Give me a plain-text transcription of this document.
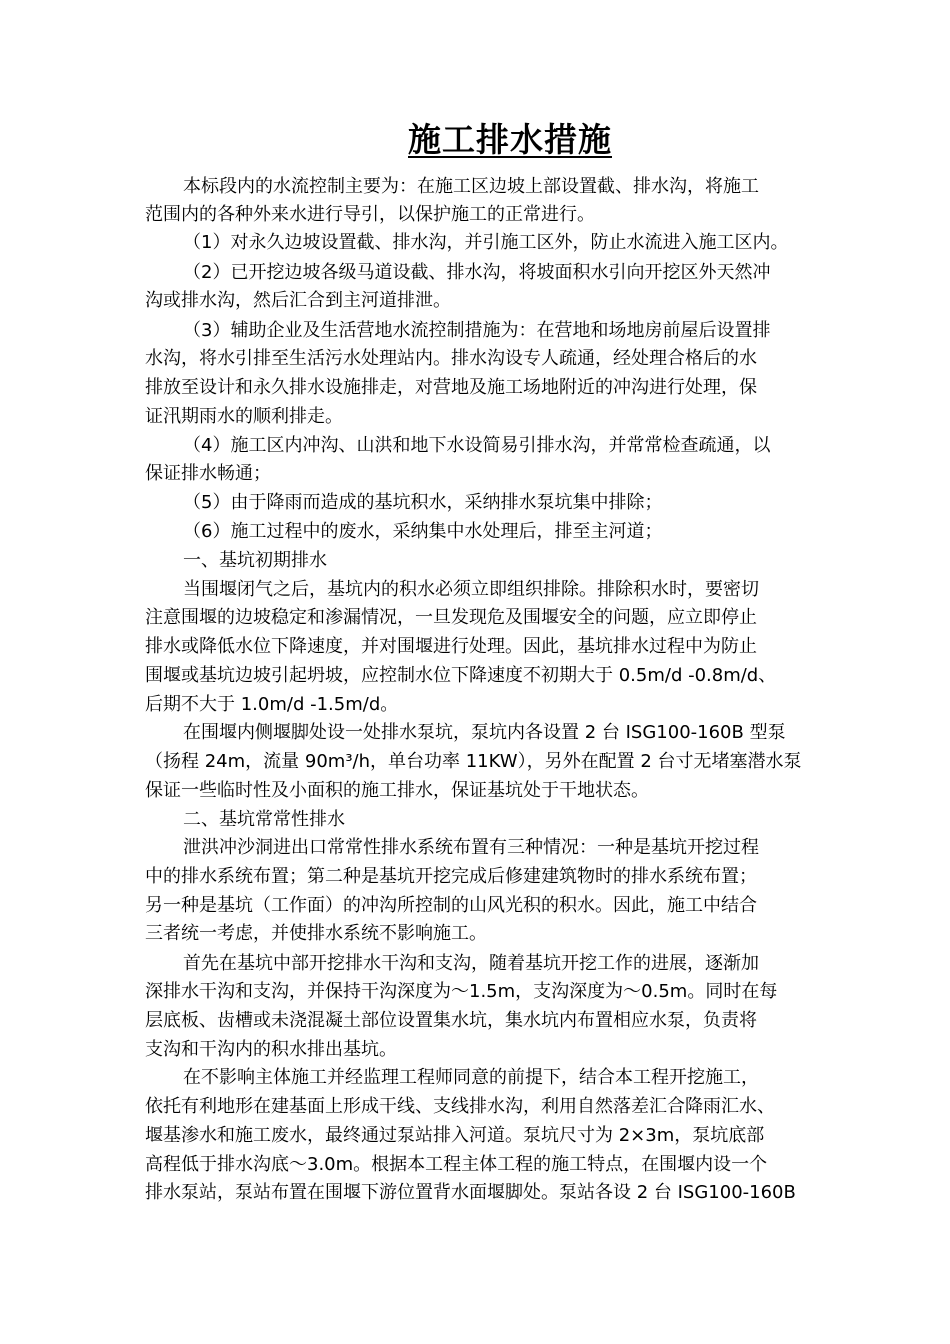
施工排水措施
本标段内的水流控制主要为：在施工区边坡上部设置截、排水沟，将施工
范围内的各种外来水进行导引，以保护施工的正常进行。
（1）对永久边坡设置截、排水沟，并引施工区外，防止水流进入施工区内。
（2）已开挖边坡各级马道设截、排水沟，将坡面积水引向开挖区外天然冲
沟或排水沟，然后汇合到主河道排泄。
（3）辅助企业及生活营地水流控制措施为：在营地和场地房前屋后设置排
水沟，将水引排至生活污水处理站内。排水沟设专人疏通，经处理合格后的水
排放至设计和永久排水设施排走，对营地及施工场地附近的冲沟进行处理，保
证汛期雨水的顺利排走。
（4）施工区内冲沟、山洪和地下水设简易引排水沟，并常常检查疏通，以
保证排水畅通；
（5）由于降雨而造成的基坑积水，采纳排水泵坑集中排除；
（6）施工过程中的废水，采纳集中水处理后，排至主河道；
一、基坑初期排水
当围堰闭气之后，基坑内的积水必须立即组织排除。排除积水时，要密切
注意围堰的边坡稳定和渗漏情况，一旦发现危及围堰安全的问题，应立即停止
排水或降低水位下降速度，并对围堰进行处理。因此，基坑排水过程中为防止
围堰或基坑边坡引起坍坡，应控制水位下降速度不初期大于 0.5m/d -0.8m/d、
后期不大于 1.0m/d -1.5m/d。
在围堰内侧堰脚处设一处排水泵坑，泵坑内各设置 2 台 ISG100-160B 型泵
（扬程 24m，流量 90m³/h，单台功率 11KW），另外在配置 2 台寸无堵塞潜水泵
保证一些临时性及小面积的施工排水，保证基坑处于干地状态。
二、基坑常常性排水
泄洪冲沙洞进出口常常性排水系统布置有三种情况：一种是基坑开挖过程
中的排水系统布置；第二种是基坑开挖完成后修建建筑物时的排水系统布置；
另一种是基坑（工作面）的冲沟所控制的山风光积的积水。因此，施工中结合
三者统一考虑，并使排水系统不影响施工。
首先在基坑中部开挖排水干沟和支沟，随着基坑开挖工作的进展，逐渐加
深排水干沟和支沟，并保持干沟深度为～1.5m，支沟深度为～0.5m。同时在每
层底板、齿槽或未浇混凝土部位设置集水坑，集水坑内布置相应水泵，负责将
支沟和干沟内的积水排出基坑。
在不影响主体施工并经监理工程师同意的前提下，结合本工程开挖施工，
依托有利地形在建基面上形成干线、支线排水沟，利用自然落差汇合降雨汇水、
堰基渗水和施工废水，最终通过泵站排入河道。泵坑尺寸为 2×3m，泵坑底部
高程低于排水沟底～3.0m。根据本工程主体工程的施工特点，在围堰内设一个
排水泵站，泵站布置在围堰下游位置背水面堰脚处。泵站各设 2 台 ISG100-160B
